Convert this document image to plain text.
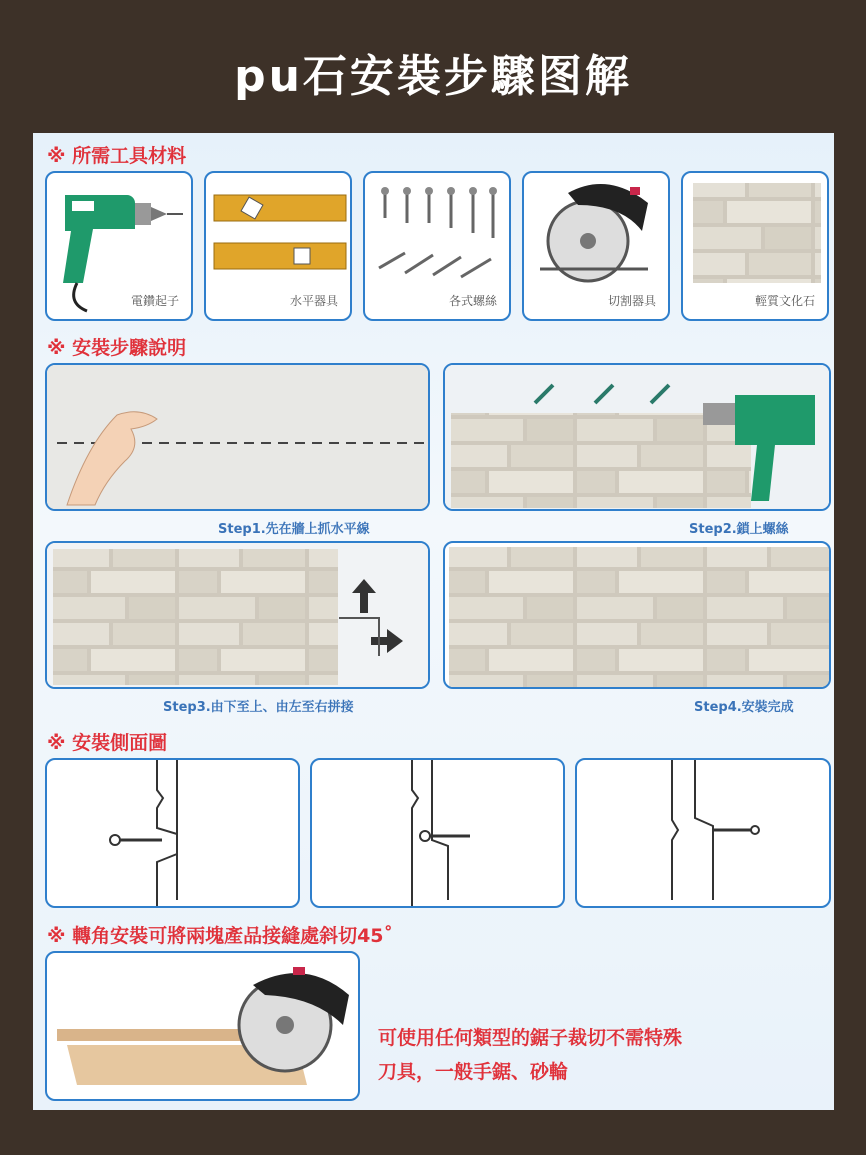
pu石安裝步驟图解
※ 所需工具材料
電鑽起子	水平器具	各式螺絲	切割器具	輕質文化石
※ 安裝步驟說明
Step1.先在牆上抓水平線	Step2.鎖上螺絲
Step3.由下至上、由左至右拼接	Step4.安裝完成
※ 安裝側面圖
※ 轉角安裝可將兩塊產品接縫處斜切45˚
可使用任何類型的鋸子裁切不需特殊
刀具，一般手鋸、砂輪
